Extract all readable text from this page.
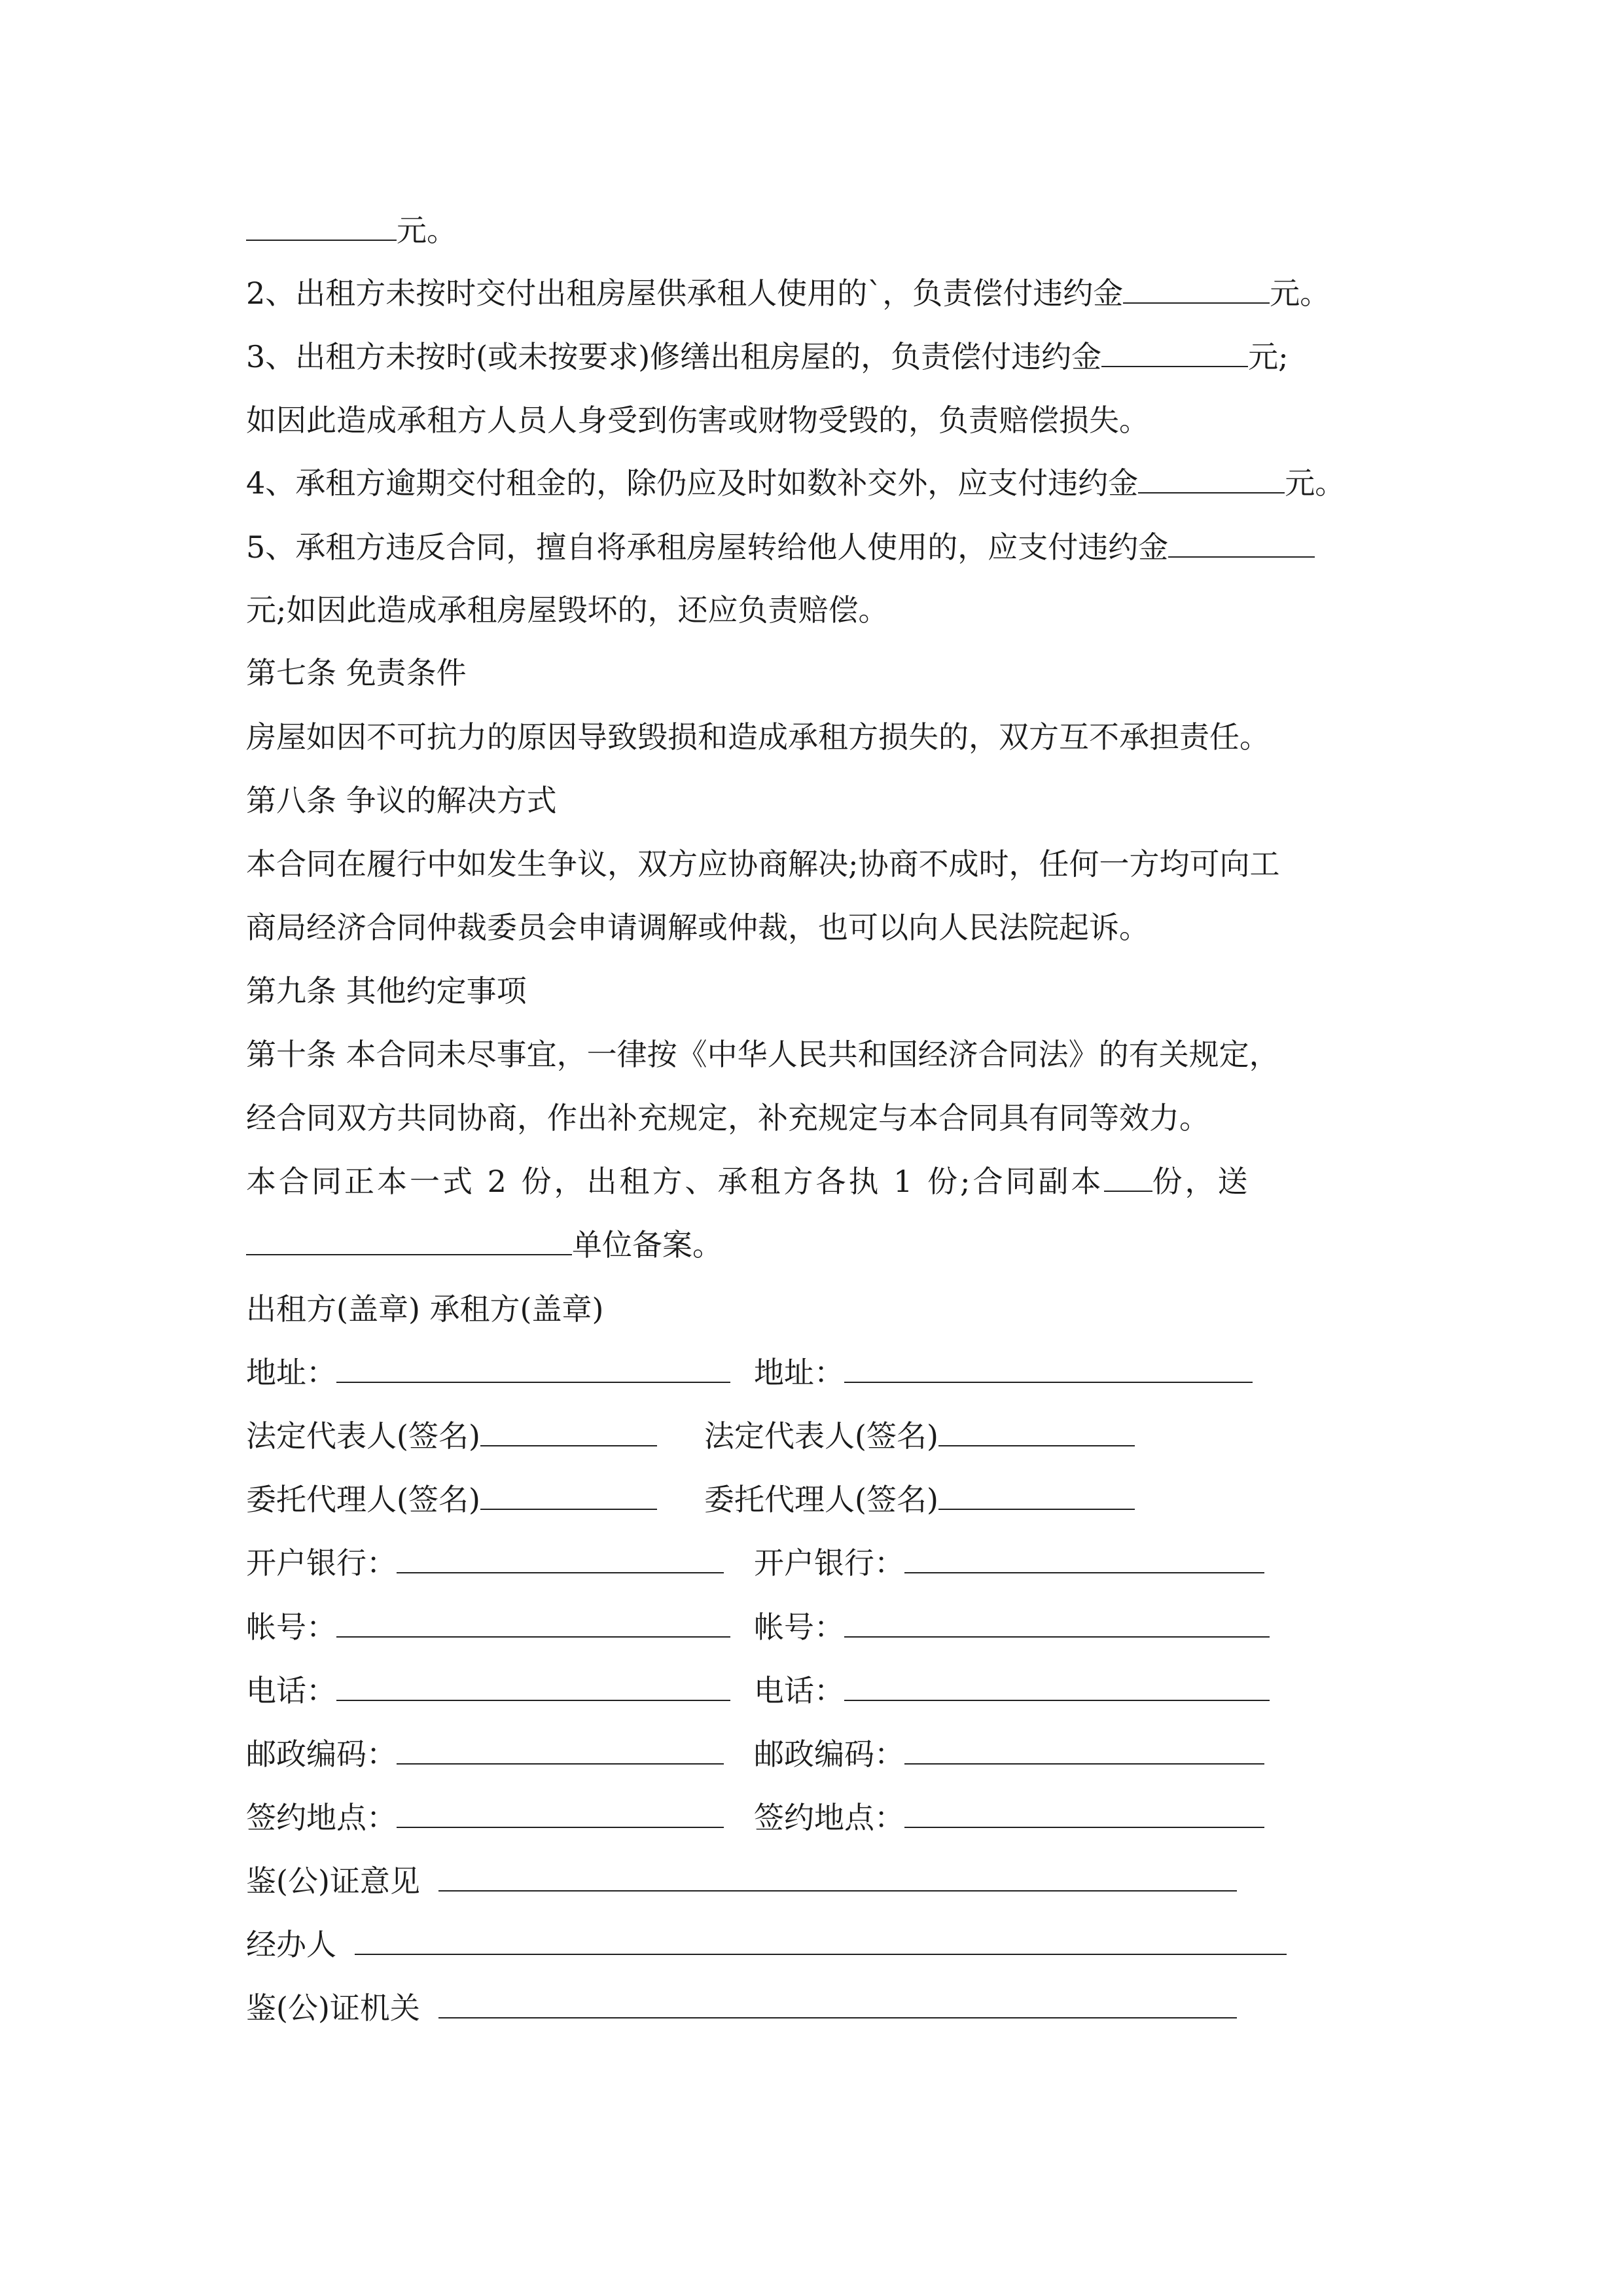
元。
2、出租方未按时交付出租房屋供承租人使用的`，负责偿付违约金	元。
3、出租方未按时(或未按要求)修缮出租房屋的，负责偿付违约金	元;
如因此造成承租方人员人身受到伤害或财物受毁的，负责赔偿损失。
4、承租方逾期交付租金的，除仍应及时如数补交外，应支付违约金	元。
5、承租方违反合同，擅自将承租房屋转给他人使用的，应支付违约金
元;如因此造成承租房屋毁坏的，还应负责赔偿。
第七条 免责条件
房屋如因不可抗力的原因导致毁损和造成承租方损失的，双方互不承担责任。
第八条 争议的解决方式
本合同在履行中如发生争议，双方应协商解决;协商不成时，任何一方均可向工
商局经济合同仲裁委员会申请调解或仲裁，也可以向人民法院起诉。
第九条 其他约定事项
第十条 本合同未尽事宜，一律按《中华人民共和国经济合同法》的有关规定，
经合同双方共同协商，作出补充规定，补充规定与本合同具有同等效力。
本合同正本一式 2 份，出租方、承租方各执 1 份;合同副本 份，送
单位备案。
出租方(盖章) 承租方(盖章)
地址：	地址：
法定代表人(签名)	法定代表人(签名)
委托代理人(签名)	委托代理人(签名)
开户银行：	开户银行：
帐号：	帐号：
电话：	电话：
邮政编码：	邮政编码：
签约地点：	签约地点：
鉴(公)证意见
经办人
鉴(公)证机关
